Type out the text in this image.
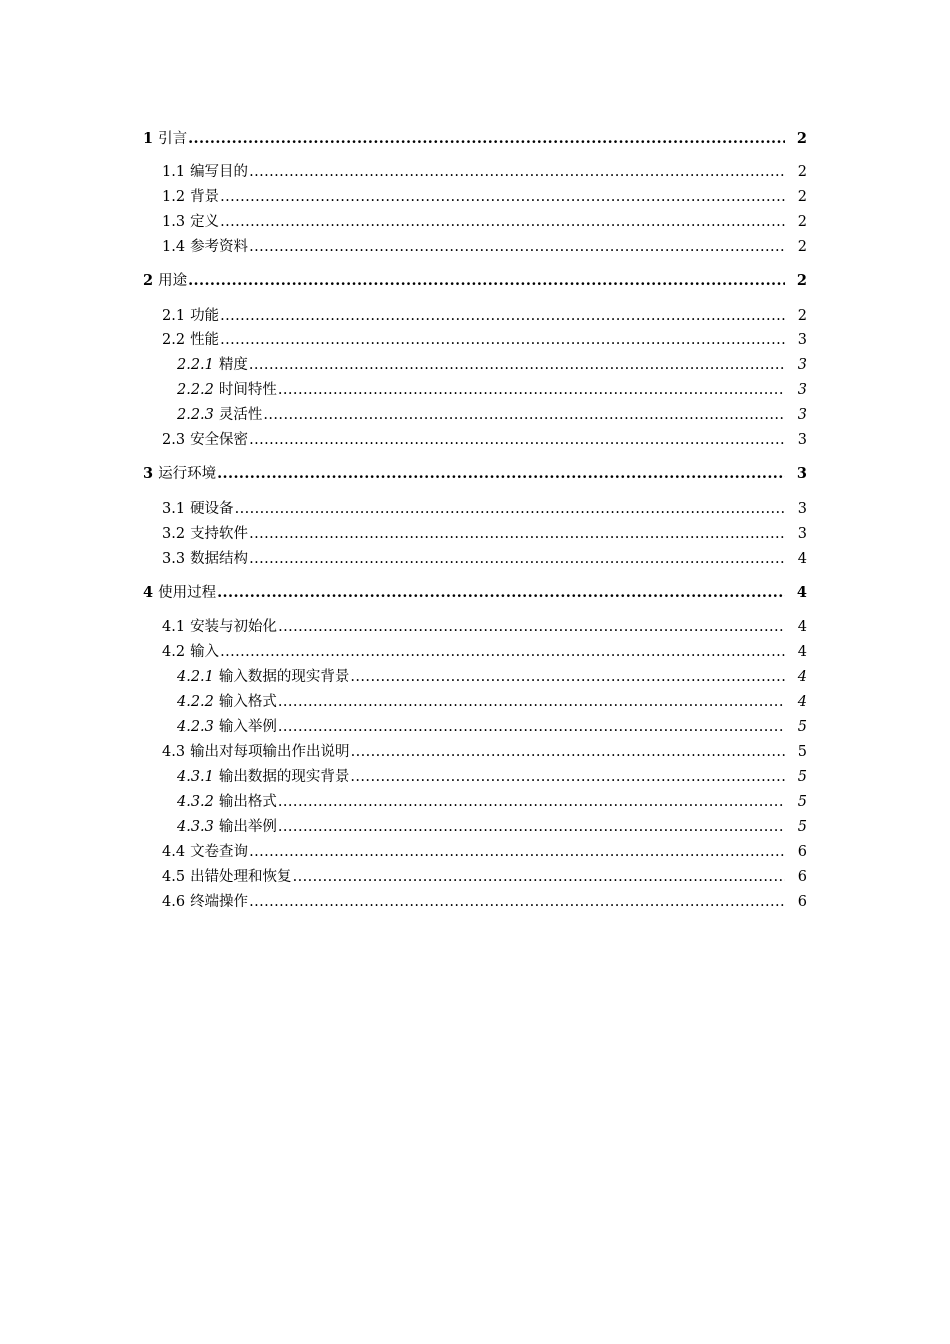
1 引言 .....	2
1.1 编写目的 .....	2
1.2 背景 .....	2
1.3 定义 .....	2
1.4 参考资料 .....	2
2 用途 .....	2
2.1 功能 .....	2
2.2 性能 .....	3
2.2.1 精度 .....	3
2.2.2 时间特性 .....	3
2.2.3 灵活性 .....	3
2.3 安全保密 .....	3
3 运行环境 .....	3
3.1 硬设备 .....	3
3.2 支持软件 .....	3
3.3 数据结构 .....	4
4 使用过程 .....	4
4.1 安装与初始化 .....	4
4.2 输入 .....	4
4.2.1 输入数据的现实背景 .....	4
4.2.2 输入格式 .....	4
4.2.3 输入举例 .....	5
4.3 输出对每项输出作出说明 .....	5
4.3.1 输出数据的现实背景 .....	5
4.3.2 输出格式 .....	5
4.3.3 输出举例 .....	5
4.4 文卷查询 .....	6
4.5 出错处理和恢复 .....	6
4.6 终端操作 .....	6
